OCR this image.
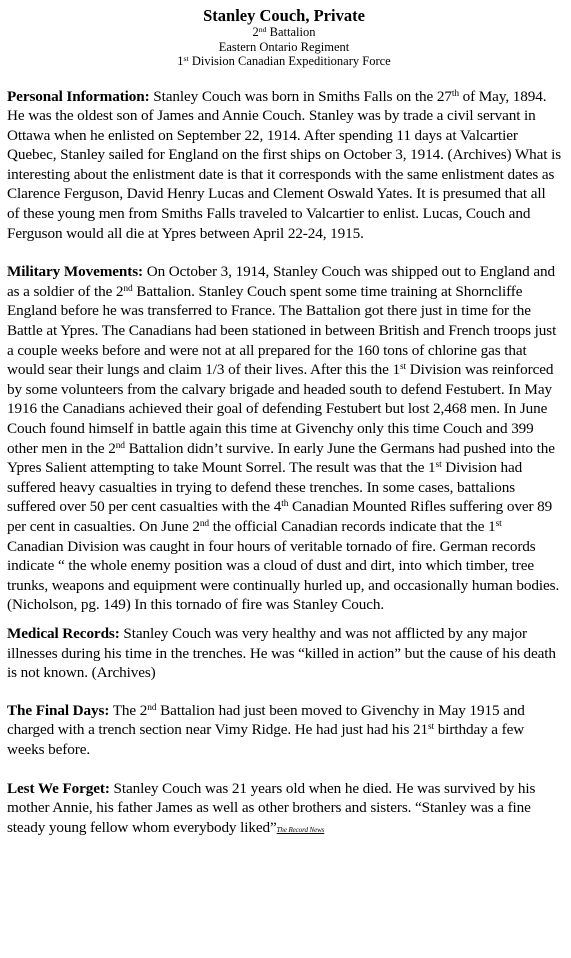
Stanley Couch, Private
2nd Battalion
Eastern Ontario Regiment
1st Division Canadian Expeditionary Force

Personal Information: Stanley Couch was born in Smiths Falls on the 27th of May, 1894. He was the oldest son of James and Annie Couch. Stanley was by trade a civil servant in Ottawa when he enlisted on September 22, 1914. After spending 11 days at Valcartier Quebec, Stanley sailed for England on the first ships on October 3, 1914. (Archives) What is interesting about the enlistment date is that it corresponds with the same enlistment dates as Clarence Ferguson, David Henry Lucas and Clement Oswald Yates. It is presumed that all of these young men from Smiths Falls traveled to Valcartier to enlist. Lucas, Couch and Ferguson would all die at Ypres between April 22-24, 1915.

Military Movements: On October 3, 1914, Stanley Couch was shipped out to England and as a soldier of the 2nd Battalion. Stanley Couch spent some time training at Shorncliffe England before he was transferred to France. The Battalion got there just in time for the Battle at Ypres. The Canadians had been stationed in between British and French troops just a couple weeks before and were not at all prepared for the 160 tons of chlorine gas that would sear their lungs and claim 1/3 of their lives. After this the 1st Division was reinforced by some volunteers from the calvary brigade and headed south to defend Festubert. In May 1916 the Canadians achieved their goal of defending Festubert but lost 2,468 men. In June Couch found himself in battle again this time at Givenchy only this time Couch and 399 other men in the 2nd Battalion didn’t survive. In early June the Germans had pushed into the Ypres Salient attempting to take Mount Sorrel. The result was that the 1st Division had suffered heavy casualties in trying to defend these trenches. In some cases, battalions suffered over 50 per cent casualties with the 4th Canadian Mounted Rifles suffering over 89 per cent in casualties. On June 2nd the official Canadian records indicate that the 1st Canadian Division was caught in four hours of veritable tornado of fire. German records indicate “ the whole enemy position was a cloud of dust and dirt, into which timber, tree trunks, weapons and equipment were continually hurled up, and occasionally human bodies. (Nicholson, pg. 149) In this tornado of fire was Stanley Couch.

Medical Records: Stanley Couch was very healthy and was not afflicted by any major illnesses during his time in the trenches. He was “killed in action” but the cause of his death is not known. (Archives)

The Final Days: The 2nd Battalion had just been moved to Givenchy in May 1915 and charged with a trench section near Vimy Ridge. He had just had his 21st birthday a few weeks before.

Lest We Forget: Stanley Couch was 21 years old when he died. He was survived by his mother Annie, his father James as well as other brothers and sisters. “Stanley was a fine steady young fellow whom everybody liked”The Record News
